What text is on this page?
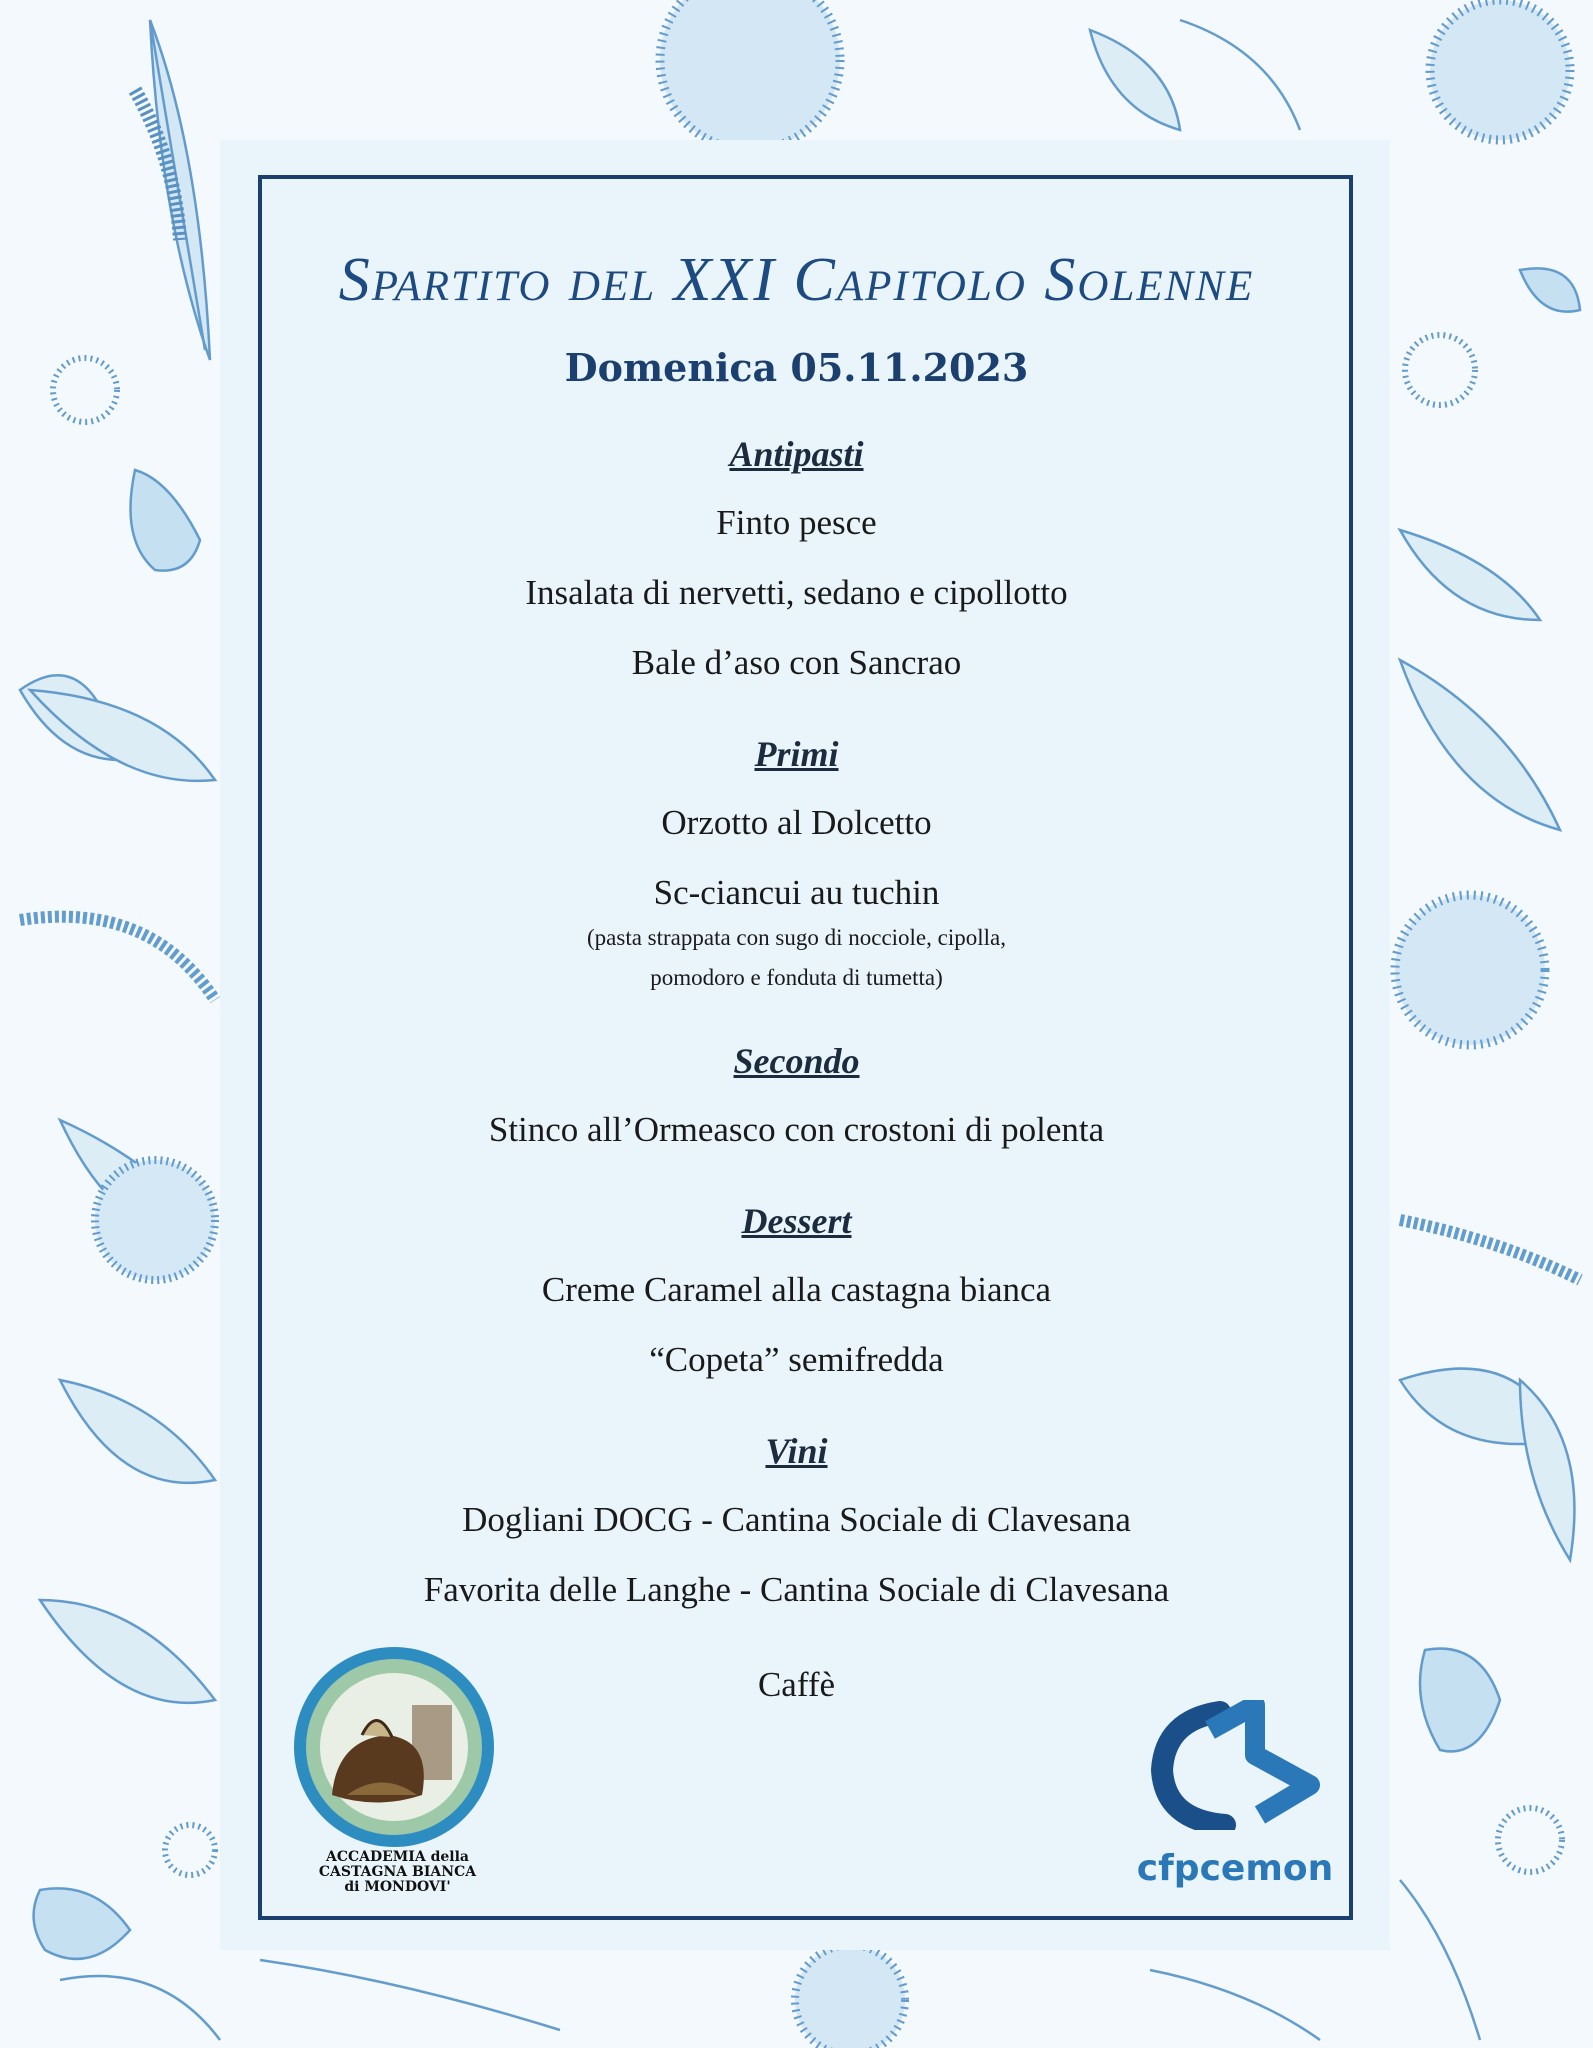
Spartito del XXI Capitolo Solenne
Domenica 05.11.2023
Antipasti
Finto pesce
Insalata di nervetti, sedano e cipollotto
Bale d’aso con Sancrao
Primi
Orzotto al Dolcetto
Sc-ciancui au tuchin
(pasta strappata con sugo di nocciole, cipolla,
pomodoro e fonduta di tumetta)
Secondo
Stinco all’Ormeasco con crostoni di polenta
Dessert
Creme Caramel alla castagna bianca
“Copeta” semifredda
Vini
Dogliani DOCG - Cantina Sociale di Clavesana
Favorita delle Langhe - Cantina Sociale di Clavesana
Caffè
ACCADEMIA della
CASTAGNA BIANCA
di MONDOVI'	cfpcemon
